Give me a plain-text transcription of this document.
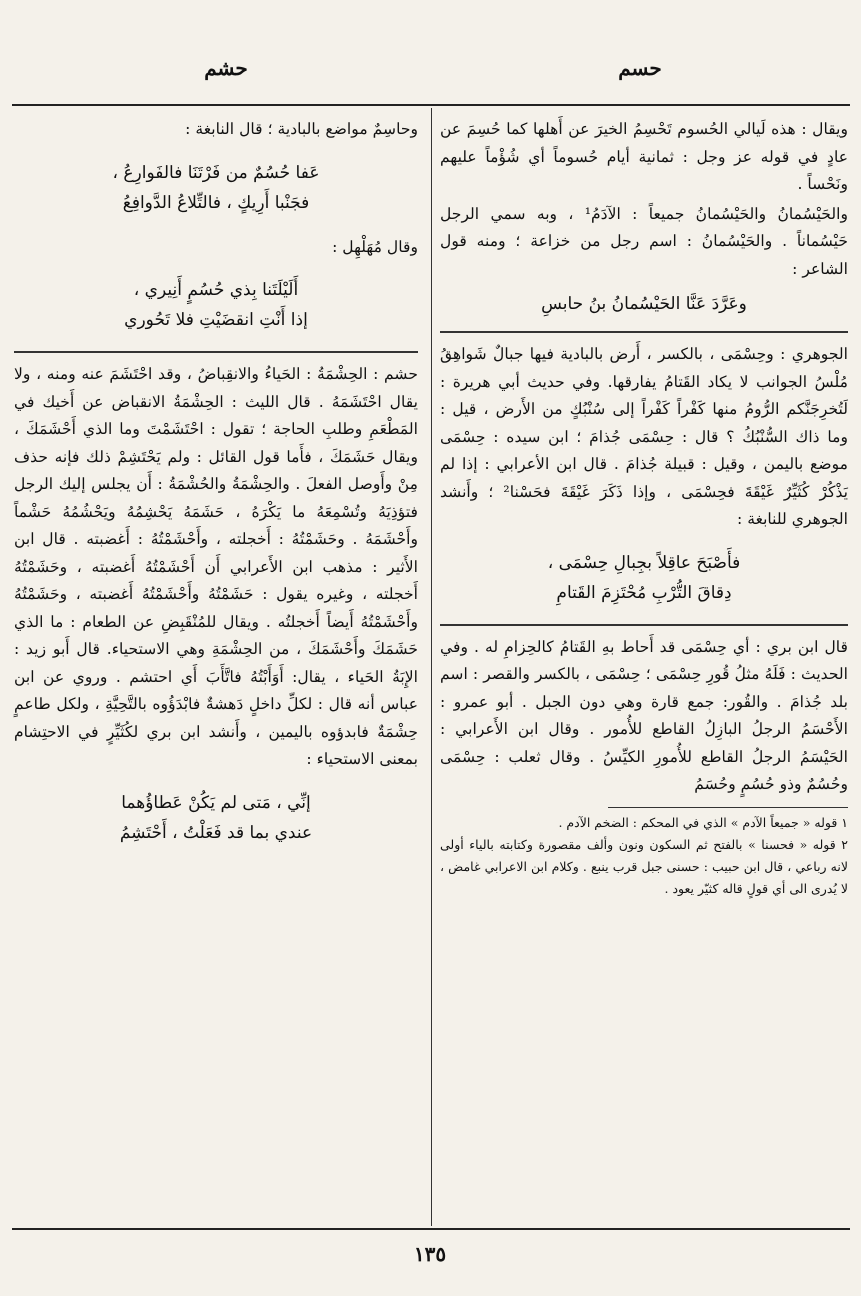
حسم
حشم

ويقال : هذه لَيالي الحُسوم تَحْسِمُ الخيرَ عن أَهلها كما حُسِمَ عن عادٍ في قوله عز وجل : ثمانية أيام حُسوماً أي شُؤْماً عليهم ونَحْساً .

والحَيْسُمانُ والحَيْسُمانُ جميعاً : الآدَمُ¹ ، وبه سمي الرجل حَيْسُماناً . والحَيْسُمانُ : اسم رجل من خزاعة ؛ ومنه قول الشاعر :

وعَرَّدَ عَنَّا الحَيْسُمانُ بنُ حابسِ

الجوهري : وحِسْمَى ، بالكسر ، أَرض بالبادية فيها جبالٌ شَواهِقُ مُلْسُ الجوانب لا يكاد القَتامُ يفارقها. وفي حديث أبي هريرة : لَتُخرِجَنَّكم الرُّومُ منها كَفْراً كَفْراً إلى سُنْبُكٍ من الأَرض ، قيل : وما ذاك السُّنْبُكُ ؟ قال : حِسْمَى جُذامَ ؛ ابن سيده : حِسْمَى موضع باليمن ، وقيل : قبيلة جُذامَ . قال ابن الأعرابي : إذا لم يَذْكُرْ كُثَيِّرٌ غَيْقَةَ فحِسْمَى ، وإذا ذَكَرَ غَيْقَةَ فحَسْنا² ؛ وأَنشد الجوهري للنابغة :

فأَصْبَحَ عاقِلاً بجِبالِ حِسْمَى ،
دِقاقَ التُّرْبِ مُحْتَزِمَ القَتامِ

قال ابن بري : أي حِسْمَى قد أَحاط بهِ القَتامُ كالحِزامِ له . وفي الحديث : فَلَهُ مثلُ قُورِ حِسْمَى ؛ حِسْمَى ، بالكسر والقصر : اسم بلد جُذامَ . والقُور: جمع قارة وهي دون الجبل . أبو عمرو : الأَحْسَمُ الرجلُ البازِلُ القاطع للأُمور . وقال ابن الأَعرابي : الحَيْسَمُ الرجلُ القاطع للأُمورِ الكيِّسُ . وقال ثعلب : حِسْمَى وحُسُمٌ وذو حُسُمٍ وحُسَمُ

١ قوله « جميعاً الآدم » الذي في المحكم : الضخم الآدم .
٢ قوله « فحسنا » بالفتح ثم السكون ونون وألف مقصورة وكتابته بالياء أولى لانه رباعي ، قال ابن حبيب : حسنى جبل قرب ينبع . وكلام ابن الاعرابي غامض ، لا يُدرى الى أي قولٍ قاله كثيّر يعود .

وحاسِمٌ مواضع بالبادية ؛ قال النابغة :

عَفا حُسُمٌ من فَرْتَنَا فالفَوارِعُ ،
فجَنْبا أَرِيكٍ ، فالتِّلاعُ الدَّوافِعُ

وقال مُهَلْهِل :

أَلَيْلَتَنا بِذي حُسُمٍ أَنِيري ،
إذا أَنْتِ انقضَيْتِ فلا تَحُوري

حشم : الحِشْمَةُ : الحَياءُ والانقِباضُ ، وقد احْتَشَمَ عنه ومنه ، ولا يقال احْتَشَمَهُ . قال الليث : الحِشْمَةُ الانقباض عن أَخيك في المَطْعَمِ وطلبِ الحاجة ؛ تقول : احْتَشَمْتَ وما الذي أَحْشَمَكَ ، ويقال حَشَمَكَ ، فأَما قول القائل : ولم يَحْتَشِمْ ذلك فإنه حذف مِنْ وأَوصل الفعلَ . والحِشْمَةُ والحُشْمَةُ : أَن يجلس إليك الرجل فتؤذِيَهُ وتُسْمِعَهُ ما يَكْرَهُ ، حَشَمَهُ يَحْشِمُهُ ويَحْشُمُهُ حَشْماً وأَحْشَمَهُ . وحَشَمْتُهُ : أَخجلته ، وأَحْشَمْتُهُ : أَغضبته . قال ابن الأَثير : مذهب ابن الأَعرابي أَن أَحْشَمْتُهُ أَغضبته ، وحَشَمْتُهُ أَخجلته ، وغيره يقول : حَشَمْتُهُ وأَحْشَمْتُهُ أَغضبته ، وحَشَمْتُهُ وأَحْشَمْتُهُ أَيضاً أَخجلتُه . ويقال للمُنْقَبِضِ عن الطعام : ما الذي حَشَمَكَ وأَحْشَمَكَ ، من الحِشْمَةِ وهي الاستحياء. قال أَبو زيد : الإِبَةُ الحَياء ، يقال: أَوَأَبْتُهُ فاتَّأَبَ أَي احتشم . وروي عن ابن عباس أنه قال : لكلِّ داخلٍ دَهشةٌ فابْدَؤُوه بالتَّحِيَّةِ ، ولكل طاعمٍ حِشْمَةٌ فابدؤوه باليمين ، وأَنشد ابن بري لكُثَيِّرٍ في الاحتِشام بمعنى الاستحياء :

إنِّي ، مَتى لم يَكُنْ عَطاؤُهما
عندي بما قد فَعَلْتُ ، أَحْتَشِمُ
١٣٥
